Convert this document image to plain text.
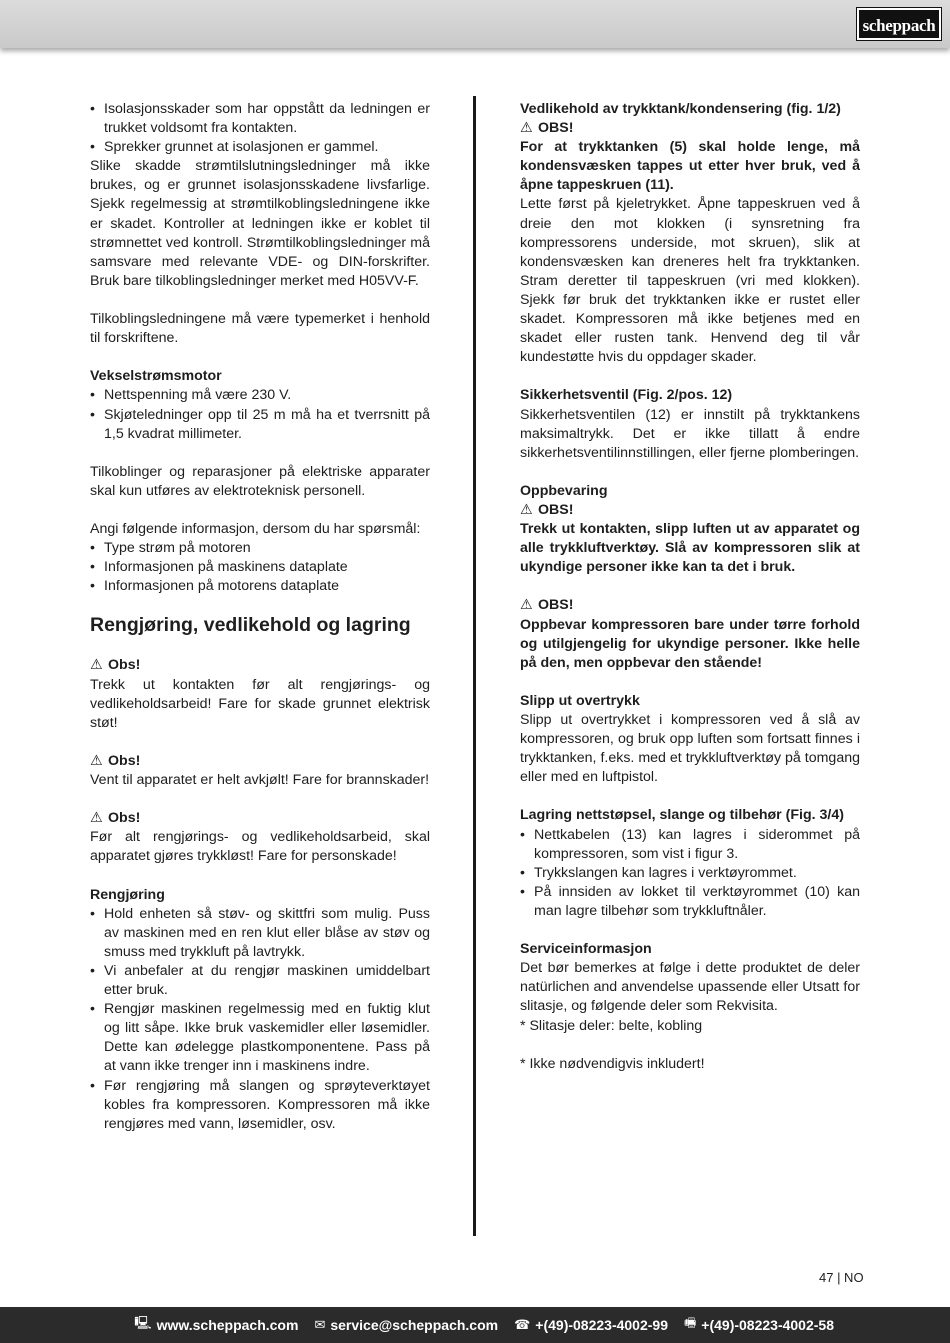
scheppach
• Isolasjonsskader som har oppstått da ledningen er trukket voldsomt fra kontakten.
• Sprekker grunnet at isolasjonen er gammel.

Slike skadde strømtilslutningsledninger må ikke brukes, og er grunnet isolasjonsskadene livsfarlige. Sjekk regelmessig at strømtilkoblingsledningene ikke er skadet. Kontroller at ledningen ikke er koblet til strømnettet ved kontroll. Strømtilkoblingsledninger må samsvare med relevante VDE- og DIN-forskrifter. Bruk bare tilkoblingsledninger merket med H05VV-F.

Tilkoblingsledningene må være typemerket i henhold til forskriftene.

Vekselstrømsmotor

• Nettspenning må være 230 V.
• Skjøteledninger opp til 25 m må ha et tverrsnitt på 1,5 kvadrat millimeter.

Tilkoblinger og reparasjoner på elektriske apparater skal kun utføres av elektroteknisk personell.

Angi følgende informasjon, dersom du har spørsmål:

• Type strøm på motoren
• Informasjonen på maskinens dataplate
• Informasjonen på motorens dataplate
Rengjøring, vedlikehold og lagring

⚠ Obs!

Trekk ut kontakten før alt rengjørings- og vedlikeholdsarbeid! Fare for skade grunnet elektrisk støt!

⚠ Obs!

Vent til apparatet er helt avkjølt! Fare for brannskader!

⚠ Obs!

Før alt rengjørings- og vedlikeholdsarbeid, skal apparatet gjøres trykkløst! Fare for personskade!

Rengjøring

• Hold enheten så støv- og skittfri som mulig. Puss av maskinen med en ren klut eller blåse av støv og smuss med trykkluft på lavtrykk.
• Vi anbefaler at du rengjør maskinen umiddelbart etter bruk.
• Rengjør maskinen regelmessig med en fuktig klut og litt såpe. Ikke bruk vaskemidler eller løsemidler. Dette kan ødelegge plastkomponentene. Pass på at vann ikke trenger inn i maskinens indre.
• Før rengjøring må slangen og sprøyteverktøyet kobles fra kompressoren. Kompressoren må ikke rengjøres med vann, løsemidler, osv.

Vedlikehold av trykktank/kondensering (fig. 1/2)

⚠ OBS!

For at trykktanken (5) skal holde lenge, må kondensvæsken tappes ut etter hver bruk, ved å åpne tappeskruen (11).

Lette først på kjeletrykket. Åpne tappeskruen ved å dreie den mot klokken (i synsretning fra kompressorens underside, mot skruen), slik at kondensvæsken kan dreneres helt fra trykktanken. Stram deretter til tappeskruen (vri med klokken). Sjekk før bruk det trykktanken ikke er rustet eller skadet. Kompressoren må ikke betjenes med en skadet eller rusten tank. Henvend deg til vår kundestøtte hvis du oppdager skader.

Sikkerhetsventil (Fig. 2/pos. 12)

Sikkerhetsventilen (12) er innstilt på trykktankens maksimaltrykk. Det er ikke tillatt å endre sikkerhetsventilinnstillingen, eller fjerne plomberingen.

Oppbevaring

⚠ OBS!

Trekk ut kontakten, slipp luften ut av apparatet og alle trykkluftverktøy. Slå av kompressoren slik at ukyndige personer ikke kan ta det i bruk.

⚠ OBS!

Oppbevar kompressoren bare under tørre forhold og utilgjengelig for ukyndige personer. Ikke helle på den, men oppbevar den stående!

Slipp ut overtrykk

Slipp ut overtrykket i kompressoren ved å slå av kompressoren, og bruk opp luften som fortsatt finnes i trykktanken, f.eks. med et trykkluftverktøy på tomgang eller med en luftpistol.

Lagring nettstøpsel, slange og tilbehør (Fig. 3/4)

• Nettkabelen (13) kan lagres i siderommet på kompressoren, som vist i figur 3.
• Trykkslangen kan lagres i verktøyrommet.
• På innsiden av lokket til verktøyrommet (10) kan man lagre tilbehør som trykkluftnåler.

Serviceinformasjon

Det bør bemerkes at følge i dette produktet de deler natürlichen and anvendelse upassende eller Utsatt for slitasje, og følgende deler som Rekvisita.

* Slitasje deler: belte, kobling

* Ikke nødvendigvis inkludert!

47 | NO
🖳 www.scheppach.com ✉ service@scheppach.com ☎ +(49)-08223-4002-99 🖷 +(49)-08223-4002-58
